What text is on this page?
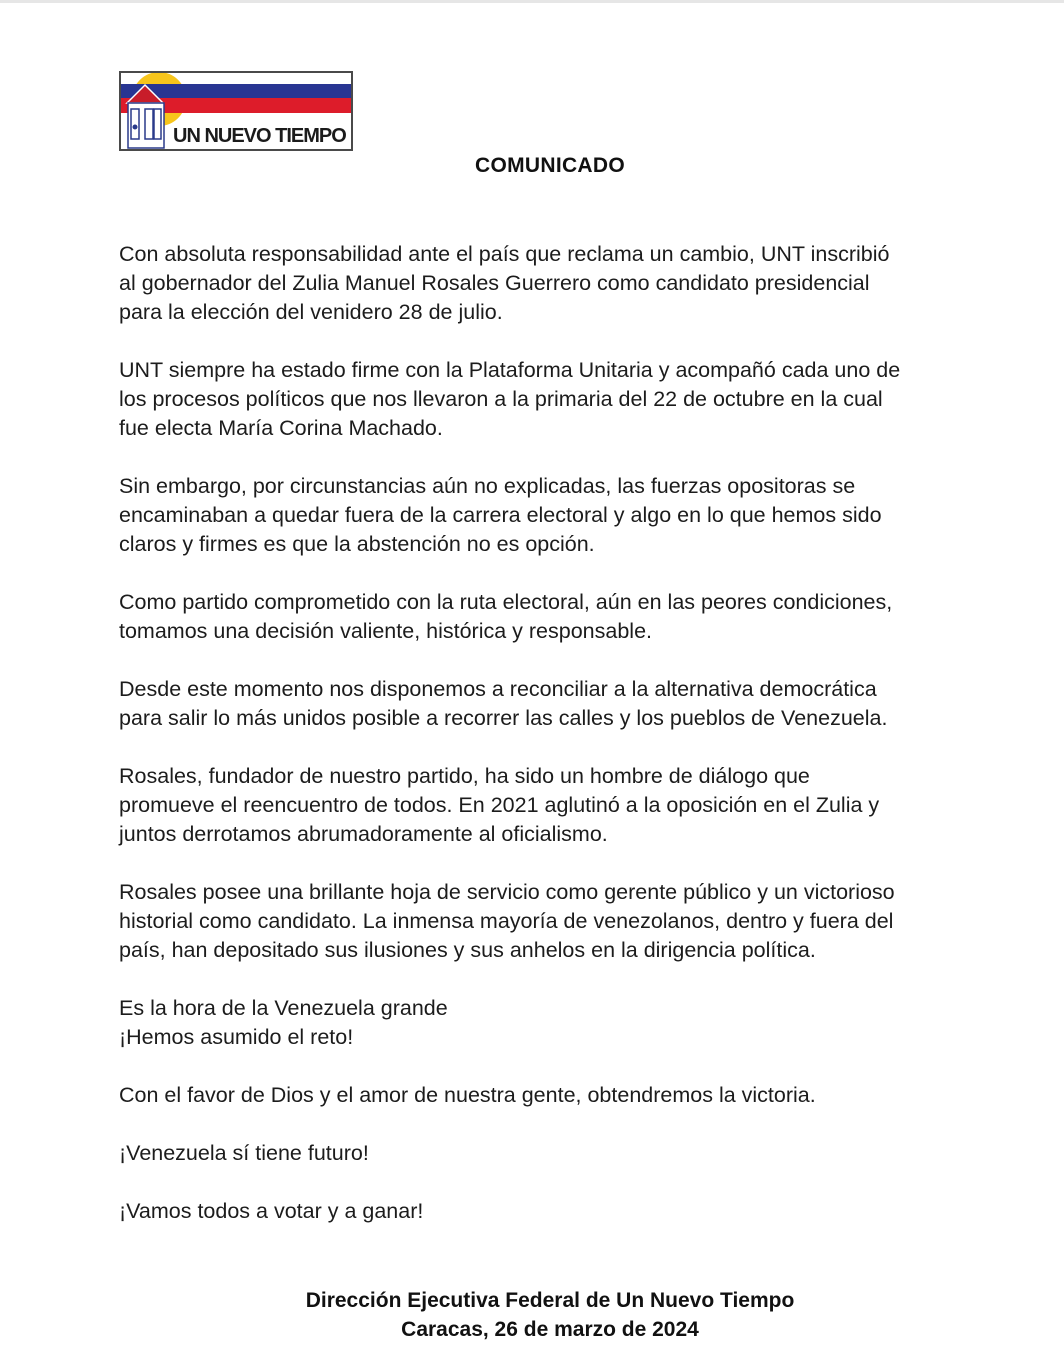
UN NUEVO TIEMPO
COMUNICADO

Con absoluta responsabilidad ante el país que reclama un cambio, UNT inscribió
al gobernador del Zulia Manuel Rosales Guerrero como candidato presidencial
para la elección del venidero 28 de julio.

UNT siempre ha estado firme con la Plataforma Unitaria y acompañó cada uno de
los procesos políticos que nos llevaron a la primaria del 22 de octubre en la cual
fue electa María Corina Machado.

Sin embargo, por circunstancias aún no explicadas, las fuerzas opositoras se
encaminaban a quedar fuera de la carrera electoral y algo en lo que hemos sido
claros y firmes es que la abstención no es opción.

Como partido comprometido con la ruta electoral, aún en las peores condiciones,
tomamos una decisión valiente, histórica y responsable.

Desde este momento nos disponemos a reconciliar a la alternativa democrática
para salir lo más unidos posible a recorrer las calles y los pueblos de Venezuela.

Rosales, fundador de nuestro partido, ha sido un hombre de diálogo que
promueve el reencuentro de todos. En 2021 aglutinó a la oposición en el Zulia y
juntos derrotamos abrumadoramente al oficialismo.

Rosales posee una brillante hoja de servicio como gerente público y un victorioso
historial como candidato. La inmensa mayoría de venezolanos, dentro y fuera del
país, han depositado sus ilusiones y sus anhelos en la dirigencia política.

Es la hora de la Venezuela grande
¡Hemos asumido el reto!

Con el favor de Dios y el amor de nuestra gente, obtendremos la victoria.

¡Venezuela sí tiene futuro!

¡Vamos todos a votar y a ganar!

Dirección Ejecutiva Federal de Un Nuevo Tiempo
Caracas, 26 de marzo de 2024
